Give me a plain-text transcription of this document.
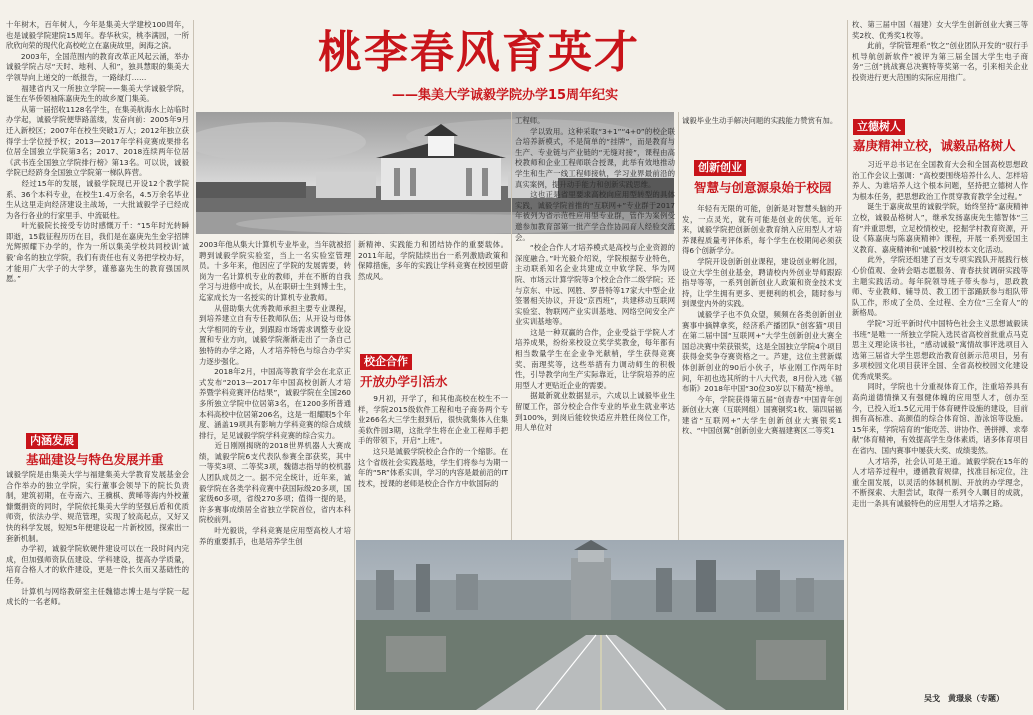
桃李春风育英才
——集美大学诚毅学院办学15周年纪实
十年树木，百年树人，今年是集美大学建校100周年，也是诚毅学院建院15周年。春华秋实，桃李满园，一所欣欣向荣的现代化高校屹立在嘉庚故里，闽海之滨。
　　2003年，全国范围内的教育改革正风起云涌，举办诚毅学院占尽“天时、地利、人和”，独具慧眼的集美大学领导向上递交的一纸报告，一路绿灯……
　　福建省内又一所独立学院——集美大学诚毅学院，诞生在华侨领袖陈嘉庚先生的故乡厦门集美。
　　从第一届招收1128名学生，在集美航海水上站临时办学起，诚毅学院便筚路蓝缕，发奋向前：2005年9月迁入新校区；2007年在校生突破1万人；2012年独立获得学士学位授予权；2013—2017年学科竞赛成果排名位居全国独立学院第3名；2017、2018连续两年位居《武书连全国独立学院排行榜》第13名。可以说，诚毅学院已经跻身全国独立学院第一梯队阵营。
　　经过15年的发展，诚毅学院现已开设12个教学院系、36个本科专业，在校生1.4万余名，4.5万余名毕业生从这里走向经济建设主战场，一大批诚毅学子已经成为各行各业的行家里手、中流砥柱。
　　叶光毅院长接受专访时感慨万千：“15年时光转瞬即逝，15载征程历历在目，我们是在嘉庚先生金字招牌光辉照耀下办学的，作为一所以集美学校共同校训‘诚毅’命名的独立学院，我们有责任也有义务把学校办好，才能用广大学子的大学梦，谨慕嘉先生的教育强国夙愿。”
内涵发展
基础建设与特色发展并重
诚毅学院是由集美大学与福建集美大学教育发展基金会合作举办的独立学院，实行董事会领导下的院长负责制，建筑初期，在寺南六、王骥棋、黄晞等海内外校董慷慨捐资的同时，学院依托集美大学的坚强后盾和优质师资，依法办学、规范管理，实现了较高起点，又好又快的科学发展，短短5年便建设起一片新校园，探索出一套新机制。
　　办学初，诚毅学院软硬件建设可以在一段时间内完成，但加强师资队伍建设、学科建设，提高办学质量，培育合格人才的软件建设，更是一件长久而又基础性的任务。
　　计算机与网络教研室主任魏德志博士是与学院一起成长的一名老师。
2003年他从集大计算机专业毕业，当年就被招聘到诚毅学院实验室，当上一名实验室管理员。十多年来，他因应了学院的发展需要，转岗为一名计算机专业的教师，并在不断的自我学习与进修中成长，从在职研士生到博士生，迄家成长为一名授实的计算机专业教师。
　　从借助集大优秀教师承担主要专业课程，到培养建立自有专任教师队伍；从开设与母体大学相同的专业，到跟踪市场需求调整专业设置和专业方向，诚毅学院渐渐走出了一条自己独特的办学之路，人才培养特色与综合办学实力逐步强化。
　　2018年2月，中国高等教育学会在北京正式发布“2013—2017年中国高校创新人才培养暨学科竞赛评估结果”，诚毅学院在全国260多所独立学院中位居第3名，在1200多所普通本科高校中位居第206名，这是一组耀眼5个年度、涵盖19项具有影响力学科竞赛的综合成绩排行，足见诚毅学院学科竞赛的综合实力。
　　近日刚刚揭晓的2018世界机器人大赛成绩，诚毅学院6支代表队参赛全部获奖，其中一等奖3项、二等奖3项，魏德志指导的校机器人团队成员之一。据不完全统计，近年来，诚毅学院在各类学科竞赛中获国际级20多项，国家级60多项，省级270多项；值得一提的是，许多赛事成绩居全省独立学院首位，省内本科院校前列。
　　叶光毅说，学科竞赛是应用型高校人才培养的重要抓手，也是培养学生创
新精神、实践能力和团结协作的重要载体。2011年起，学院陆续出台一系列激励政策和保障措施，多年的实践让学科竞赛在校园里蔚然成风。
校企合作
开放办学引活水
　　9月初，开学了，和其他高校在校生不一样，学院2015级软件工程和电子商务两个专业266名大三学生报到后，很快就集体入住集美软件园3期，这批学生将在企业工程师手把手的带领下，开启“上班”。
　　这只是诚毅学院校企合作的一个缩影。在这个省级社会实践基地，学生们将参与为期一年的“5R”体系实训，学习的内容是最前沿的IT技术，授课的老师是校企合作方中软国际的
工程师。
　　学以致用。这种采取“3+1”“4+0”的校企联合培养新模式，不是简单的“挂牌”，而是教育与生产、专业链与产业链的“无缝对接”，课程由高校教师和企业工程师联合授课，此举有效地推动学生和生产一线工程师接轨，学习业界最前沿的真实案例，提升动手能力和创新实践思维。
　　这也正是省里要求高校向应用型转型的具体实践，诚毅学院首推的“互联网+”专业群于2017年被列为省示范性应用型专业群，管作为案例受邀参加教育部第一批产学合作协同育人经验交流会。
　　“校企合作人才培养模式是高校与企业资源的深度融合。”叶光毅介绍说，学院根据专业特色，主动联系知名企业共建成立中软学院、华为网院、市场云计算学院等3个校企合作二级学院；还与京东、中远、网胜、罗普特等17家大中型企业签署相关协议，开设“京西班”，共建移动互联网实验室、物联网产业实训基地、网络空间安全产业实训基地等。
　　这是一种双赢的合作，企业受益于学院人才培养成果，纷纷来校设立奖学奖教金，每年都有相当数量学生在企业争光献梢，学生获得竞赛奖、南理奖等，这些举措有力调动师生的积极性，引导教学向生产实际靠近，让学院培养的应用型人才更贴近企业的需要。
　　据最新就业数据显示，六成以上诚毅毕业生留厦工作，部分校企合作专业的毕业生就业率达到100%，到岗后能较快适应并胜任岗位工作，用人单位对
诚毅毕业生动手解决问题的实践能力赞赏有加。
创新创业
智慧与创意源泉始于校园
　　年轻有无限的可能，创新是对智慧头脑的开发，一点灵光，就有可能是创业的伏笔。近年来，诚毅学院把创新创业教育纳入应用型人才培养课程质量考评体系，每个学生在校期间必须获得6个创新学分。
　　学院开设创新创业课程，建设创业孵化园，设立大学生创业基金，聘请校内外创业导师跟踪指导等等，一系列创新创业人政策和资金技术支持，让学生拥有更多、更便利的机会，随时参与到课堂内外的实践。
　　诚毅学子也不负众望，频频在各类创新创业赛事中摘牌拿奖，经济系产播团队“创客猫”项目在第二届中国“互联网+”大学生创新创业大赛全国总决赛中荣获银奖，这是全国独立学院4个项目获得金奖争夺赛资格之一。芦建，这位主营新媒体创新创业的90后小伙子，毕业刚工作两年时间，年初也选其所的十八大代表，8月份入选《福布斯》2018年中国“30位30岁以下精英”榜单。
　　今年，学院获得第五届“创青春”中国青年创新创业大赛（互联网组）国赛铜奖1枚、第四届福建省“互联网+”大学生创新创业大赛银奖1枚、“中国创翼”创新创业大赛福建赛区二等奖1
枚、第三届中国（福建）女大学生创新创业大赛三等奖2枚、优秀奖1枚等。
　　此前，学院管理系“牧之”创业团队开发的“驭行手机导航创新软件”被评为第三届全国大学生电子商务“三创”挑战赛总决赛特等奖第一名，引来相关企业投资进行更大范围的实际应用推广。
立德树人
嘉庚精神立校，诚毅品格树人
　　习近平总书记在全国教育大会和全国高校思想政治工作会议上强调：“高校要围绕培养什么人、怎样培养人、为谁培养人这个根本问题，坚持把立德树人作为根本任务，把思想政治工作贯穿教育教学全过程。”
　　诞生于嘉庚故里的诚毅学院，始终坚持“嘉庚精神立校，诚毅品格树人”，继承发扬嘉庚先生德智体“三育”并重思想，立足校情校史，挖掘学村教育资源，开设《陈嘉庚与陈嘉庚精神》课程，开展一系列爱国主义教育、嘉庚精神和“诚毅”校训校本文化活动。
　　此外，学院还组建了百支专项实践队开展践行核心价值观、金砖会晤志愿服务、青春扶贫调研实践等主题实践活动。每年院领导班子带头参与，思政教师、专业教师、辅导员、教工团干部踊跃参与组队带队工作，形成了全员、全过程、全方位“三全育人”的新格局。
　　学院“习近平新时代中国特色社会主义思想诚毅读书班”是唯一一所独立学院入选民省高校首批重点马克思主义理论读书社，“感动诚毅”寓情故事评选项目入选第三届省大学生思想政治教育创新示范项目，另有多项校园文化项目获评全国、全省高校校园文化建设优秀成果奖。
　　同时，学院也十分重视体育工作，注重培养具有高尚道德情操又有强健体魄的应用型人才，创办至今，已投入近1.5亿元用于体育硬件设施的建设，目前拥有高标准、高颜值的综合体育馆、游泳馆等设施。15年来，学院培育的“能吃苦、讲协作、善拼搏、求奉献”体育精神，有效提高学生身体素质，诸多体育项目在省内、国内赛事中屡获大奖、成绩斐然。
　　人才培养，社会认可是王道。诚毅学院在15年的人才培养过程中，遵循教育规律，找准目标定位，注重全面发展，以灵活的体制机制、开放的办学理念，不断探索、大胆尝试，取得一系列令人瞩目的成就，走出一条具有诚毅特色的应用型人才培养之路。
吴戈　黄璟泉（专题）
